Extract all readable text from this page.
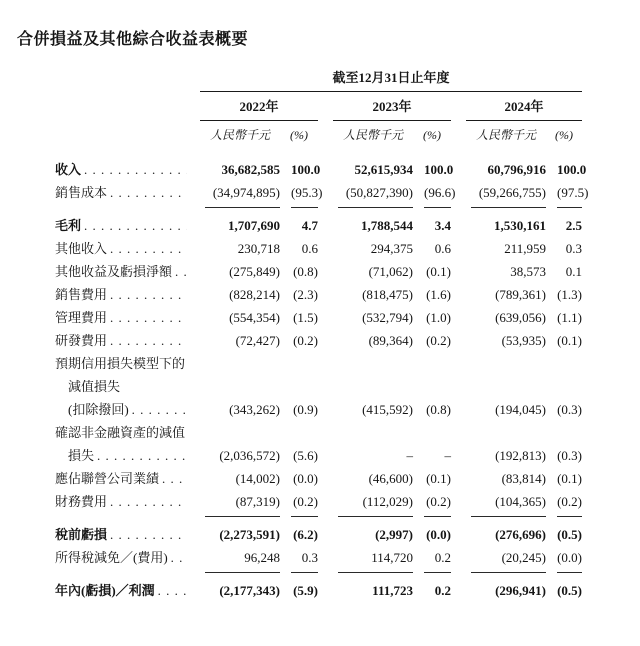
合併損益及其他綜合收益表概要
	截至12月31日止年度							
	2022年			2023年			2024年	
	人民幣千元	(%)		人民幣千元	(%)		人民幣千元	(%)

收入
. . .	36,682,585	100.0		52,615,934	100.0		60,796,916	100.0

銷售成本
. . .	(34,974,895)	(95.3)		(50,827,390)	(96.6)		(59,266,755)	(97.5)

毛利
. . .	1,707,690	4.7		1,788,544	3.4		1,530,161	2.5

其他收入
. . .	230,718	0.6		294,375	0.6		211,959	0.3

其他收益及虧損淨額
. . .	(275,849)	(0.8)		(71,062)	(0.1)		38,573	0.1

銷售費用
. . .	(828,214)	(2.3)		(818,475)	(1.6)		(789,361)	(1.3)

管理費用
. . .	(554,354)	(1.5)		(532,794)	(1.0)		(639,056)	(1.1)

研發費用
. . .	(72,427)	(0.2)		(89,364)	(0.2)		(53,935)	(0.1)

預期信用損失模型下的
減值損失
(扣除撥回)
. . .	(343,262)	(0.9)		(415,592)	(0.8)		(194,045)	(0.3)

確認非金融資產的減值
損失
. . .	(2,036,572)	(5.6)		–	–		(192,813)	(0.3)

應佔聯營公司業績
. . .	(14,002)	(0.0)		(46,600)	(0.1)		(83,814)	(0.1)

財務費用
. . .	(87,319)	(0.2)		(112,029)	(0.2)		(104,365)	(0.2)

稅前虧損
. . .	(2,273,591)	(6.2)		(2,997)	(0.0)		(276,696)	(0.5)

所得稅減免／(費用)
. . .	96,248	0.3		114,720	0.2		(20,245)	(0.0)

年內(虧損)／利潤
. . .	(2,177,343)	(5.9)		111,723	0.2		(296,941)	(0.5)
